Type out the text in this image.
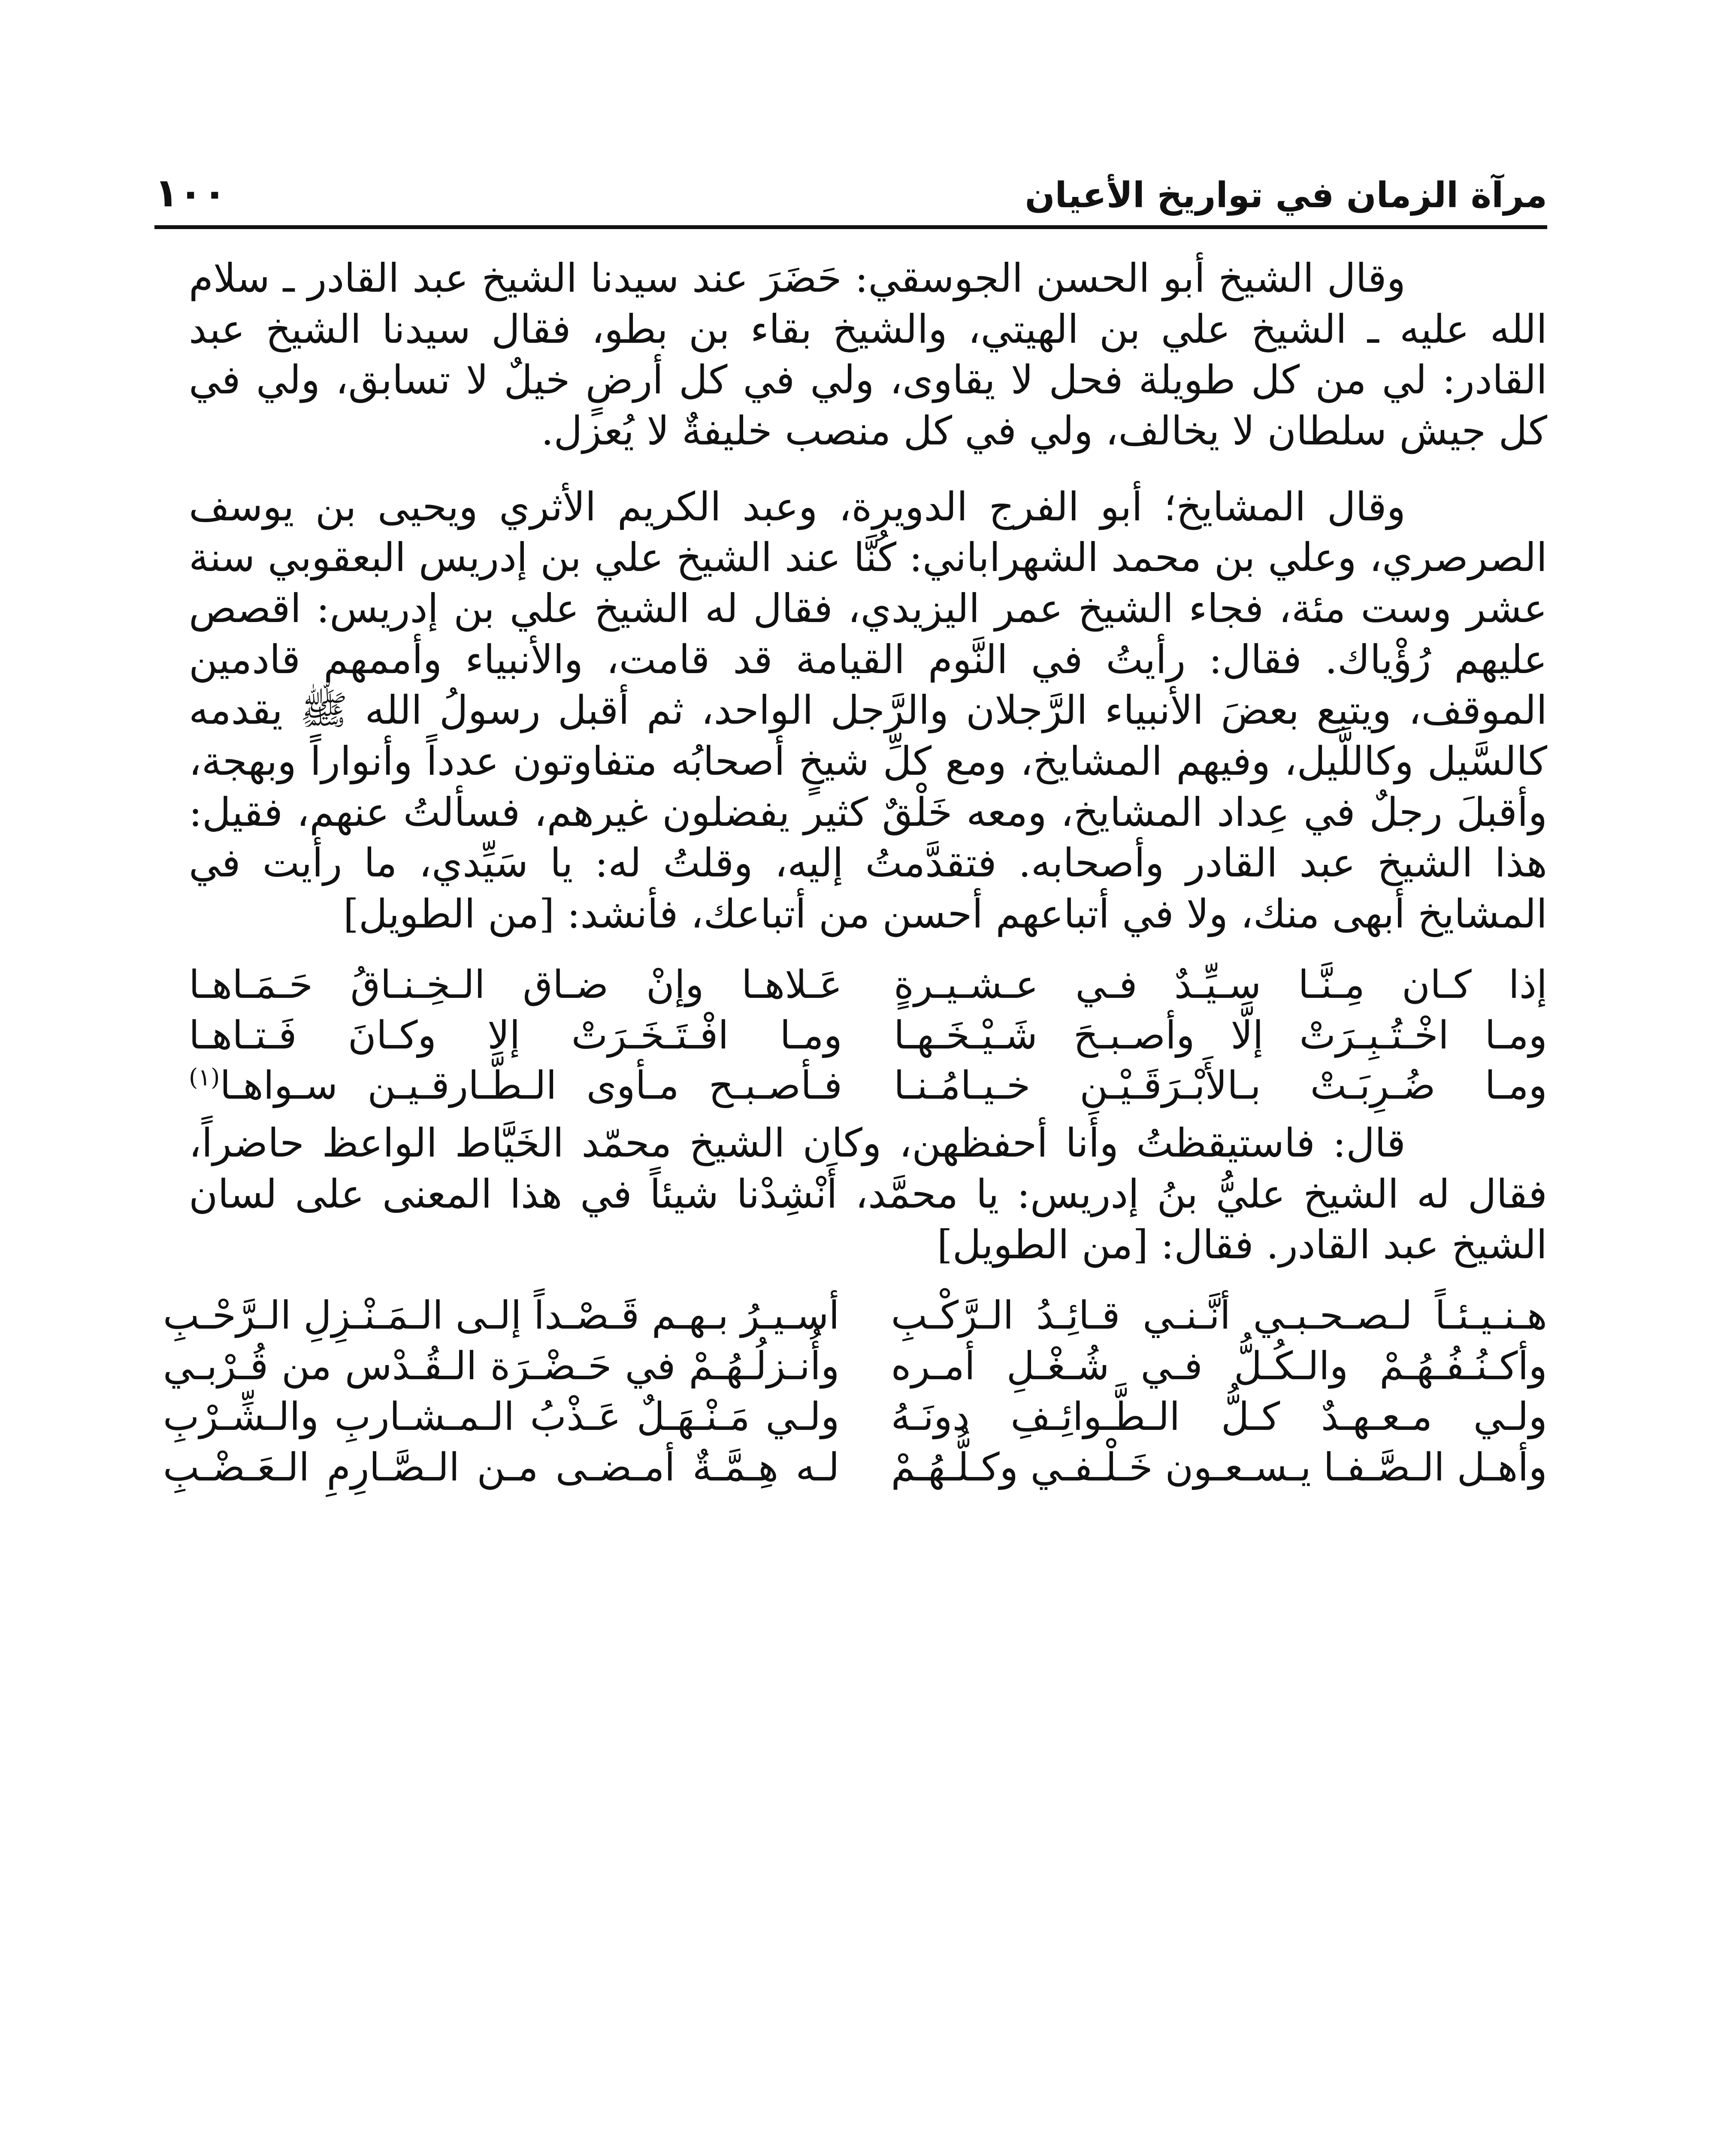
مرآة الزمان في تواريخ الأعيان
١٠٠

وقال الشيخ أبو الحسن الجوسقي: حَضَرَ عند سيدنا الشيخ عبد القادر ـ سلام الله عليه ـ الشيخ علي بن الهيتي، والشيخ بقاء بن بطو، فقال سيدنا الشيخ عبد القادر: لي من كل طويلة فحل لا يقاوى، ولي في كل أرضٍ خيلٌ لا تسابق، ولي في كل جيش سلطان لا يخالف، ولي في كل منصب خليفةٌ لا يُعزل.

وقال المشايخ؛ أبو الفرج الدويرة، وعبد الكريم الأثري ويحيى بن يوسف الصرصري، وعلي بن محمد الشهراباني: كُنَّا عند الشيخ علي بن إدريس البعقوبي سنة عشر وست مئة، فجاء الشيخ عمر اليزيدي، فقال له الشيخ علي بن إدريس: اقصص عليهم رُؤْياك. فقال: رأيتُ في النَّوم القيامة قد قامت، والأنبياء وأممهم قادمين الموقف، ويتبع بعضَ الأنبياء الرَّجلان والرَّجل الواحد، ثم أقبل رسولُ الله ﷺ يقدمه كالسَّيل وكاللَّيل، وفيهم المشايخ، ومع كلِّ شيخٍ أصحابُه متفاوتون عدداً وأنواراً وبهجة، وأقبلَ رجلٌ في عِداد المشايخ، ومعه خَلْقٌ كثير يفضلون غيرهم، فسألتُ عنهم، فقيل: هذا الشيخ عبد القادر وأصحابه. فتقدَّمتُ إليه، وقلتُ له: يا سَيِّدي، ما رأيت في المشايخ أبهى منك، ولا في أتباعهم أحسن من أتباعك، فأنشد: [من الطويل]

إذا كـان مِـنَّـا سـيِّـدٌ فـي عـشـيـرةٍ
عَـلاهـا وإنْ ضـاق الـخِـنـاقُ حَـمَـاهـا
ومـا اخْـتُـبِـرَتْ إلَّا وأصـبـحَ شَـيْـخَـهـا
ومـا افْـتَـخَـرَتْ إلا وكـانَ فَـتـاهـا
ومـا ضُـرِبَـتْ بـالأَبْـرَقَـيْـنِ خـيـامُـنـا
فـأصـبـح مـأوى الـطَّـارقـيـن سـواهـا$^{(١)}$

قال: فاستيقظتُ وأنا أحفظهن، وكان الشيخ محمّد الخَيَّاط الواعظ حاضراً، فقال له الشيخ عليُّ بنُ إدريس: يا محمَّد، أَنْشِدْنا شيئاً في هذا المعنى على لسان الشيخ عبد القادر. فقال: [من الطويل]

هـنـيـئـاً لـصـحـبـي أنَّـنـي قـائِـدُ الـرَّكْـبِ
أسـيـرُ بـهـم قَـصْـداً إلـى الـمَـنْـزِلِ الـرَّحْـبِ
وأكـنُـفُـهُـمْ والـكُـلُّ فـي شُـغْـلِ أمـره
وأُنـزلُـهُـمْ في حَـضْـرَة الـقُـدْس من قُـرْبـي
ولـي مـعـهـدٌ كـلُّ الـطَّـوائِـفِ دونَـهُ
ولـي مَـنْـهَـلٌ عَـذْبُ الـمـشـاربِ والـشِّـرْبِ
وأهـل الـصَّـفـا يـسـعـون خَـلْـفـي وكـلُّـهُـمْ
لـه هِـمَّـةٌ أمـضـى مـن الـصَّـارِمِ الـعَـضْـبِ
